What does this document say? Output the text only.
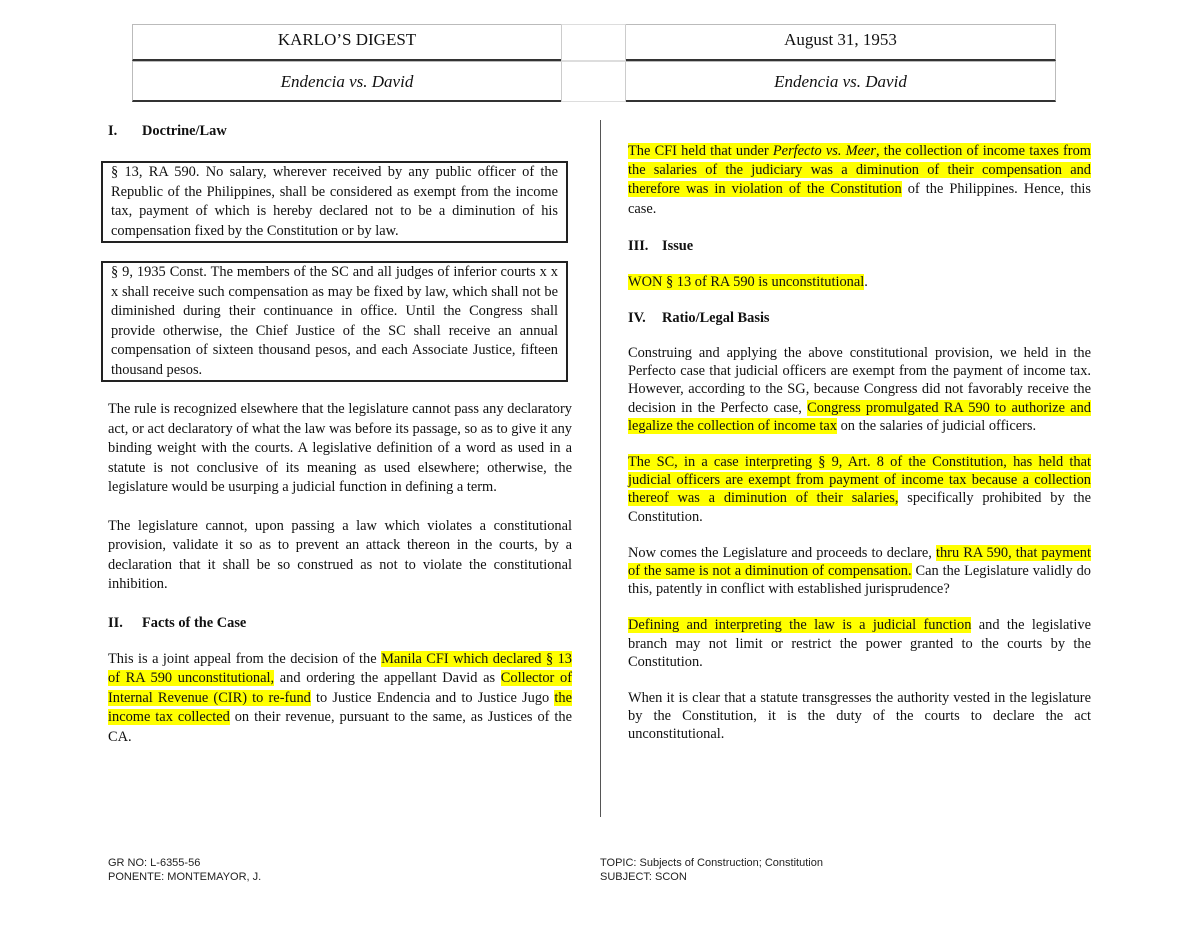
KARLO’S DIGEST	August 31, 1953
Endencia vs. David	Endencia vs. David
I. Doctrine/Law
§ 13, RA 590. No salary, wherever received by any public officer of the Republic of the Philippines, shall be considered as exempt from the income tax, payment of which is hereby declared not to be a diminution of his compensation fixed by the Constitution or by law.
§ 9, 1935 Const. The members of the SC and all judges of inferior courts x x x shall receive such compensation as may be fixed by law, which shall not be diminished during their continuance in office. Until the Congress shall provide otherwise, the Chief Justice of the SC shall receive an annual compensation of sixteen thousand pesos, and each Associate Justice, fifteen thousand pesos.

The rule is recognized elsewhere that the legislature cannot pass any declaratory act, or act declaratory of what the law was before its passage, so as to give it any binding weight with the courts. A legislative definition of a word as used in a statute is not conclusive of its meaning as used elsewhere; otherwise, the legislature would be usurping a judicial function in defining a term.

The legislature cannot, upon passing a law which violates a constitutional provision, validate it so as to prevent an attack thereon in the courts, by a declaration that it shall be so construed as not to violate the constitutional inhibition.

II. Facts of the Case

This is a joint appeal from the decision of the Manila CFI which declared § 13 of RA 590 unconstitutional, and ordering the appellant David as Collector of Internal Revenue (CIR) to re-fund to Justice Endencia and to Justice Jugo the income tax collected on their revenue, pursuant to the same, as Justices of the CA.

The CFI held that under Perfecto vs. Meer, the collection of income taxes from the salaries of the judiciary was a diminution of their compensation and therefore was in violation of the Constitution of the Philippines. Hence, this case.

III. Issue

WON § 13 of RA 590 is unconstitutional.

IV. Ratio/Legal Basis

Construing and applying the above constitutional provision, we held in the Perfecto case that judicial officers are exempt from the payment of income tax. However, according to the SG, because Congress did not favorably receive the decision in the Perfecto case, Congress promulgated RA 590 to authorize and legalize the collection of income tax on the salaries of judicial officers.

The SC, in a case interpreting § 9, Art. 8 of the Constitution, has held that judicial officers are exempt from payment of income tax because a collection thereof was a diminution of their salaries, specifically prohibited by the Constitution.

Now comes the Legislature and proceeds to declare, thru RA 590, that payment of the same is not a diminution of compensation. Can the Legislature validly do this, patently in conflict with established jurisprudence?

Defining and interpreting the law is a judicial function and the legislative branch may not limit or restrict the power granted to the courts by the Constitution.

When it is clear that a statute transgresses the authority vested in the legislature by the Constitution, it is the duty of the courts to declare the act unconstitutional.

GR NO: L-6355-56
PONENTE: MONTEMAYOR, J.
TOPIC: Subjects of Construction; Constitution
SUBJECT: SCON
